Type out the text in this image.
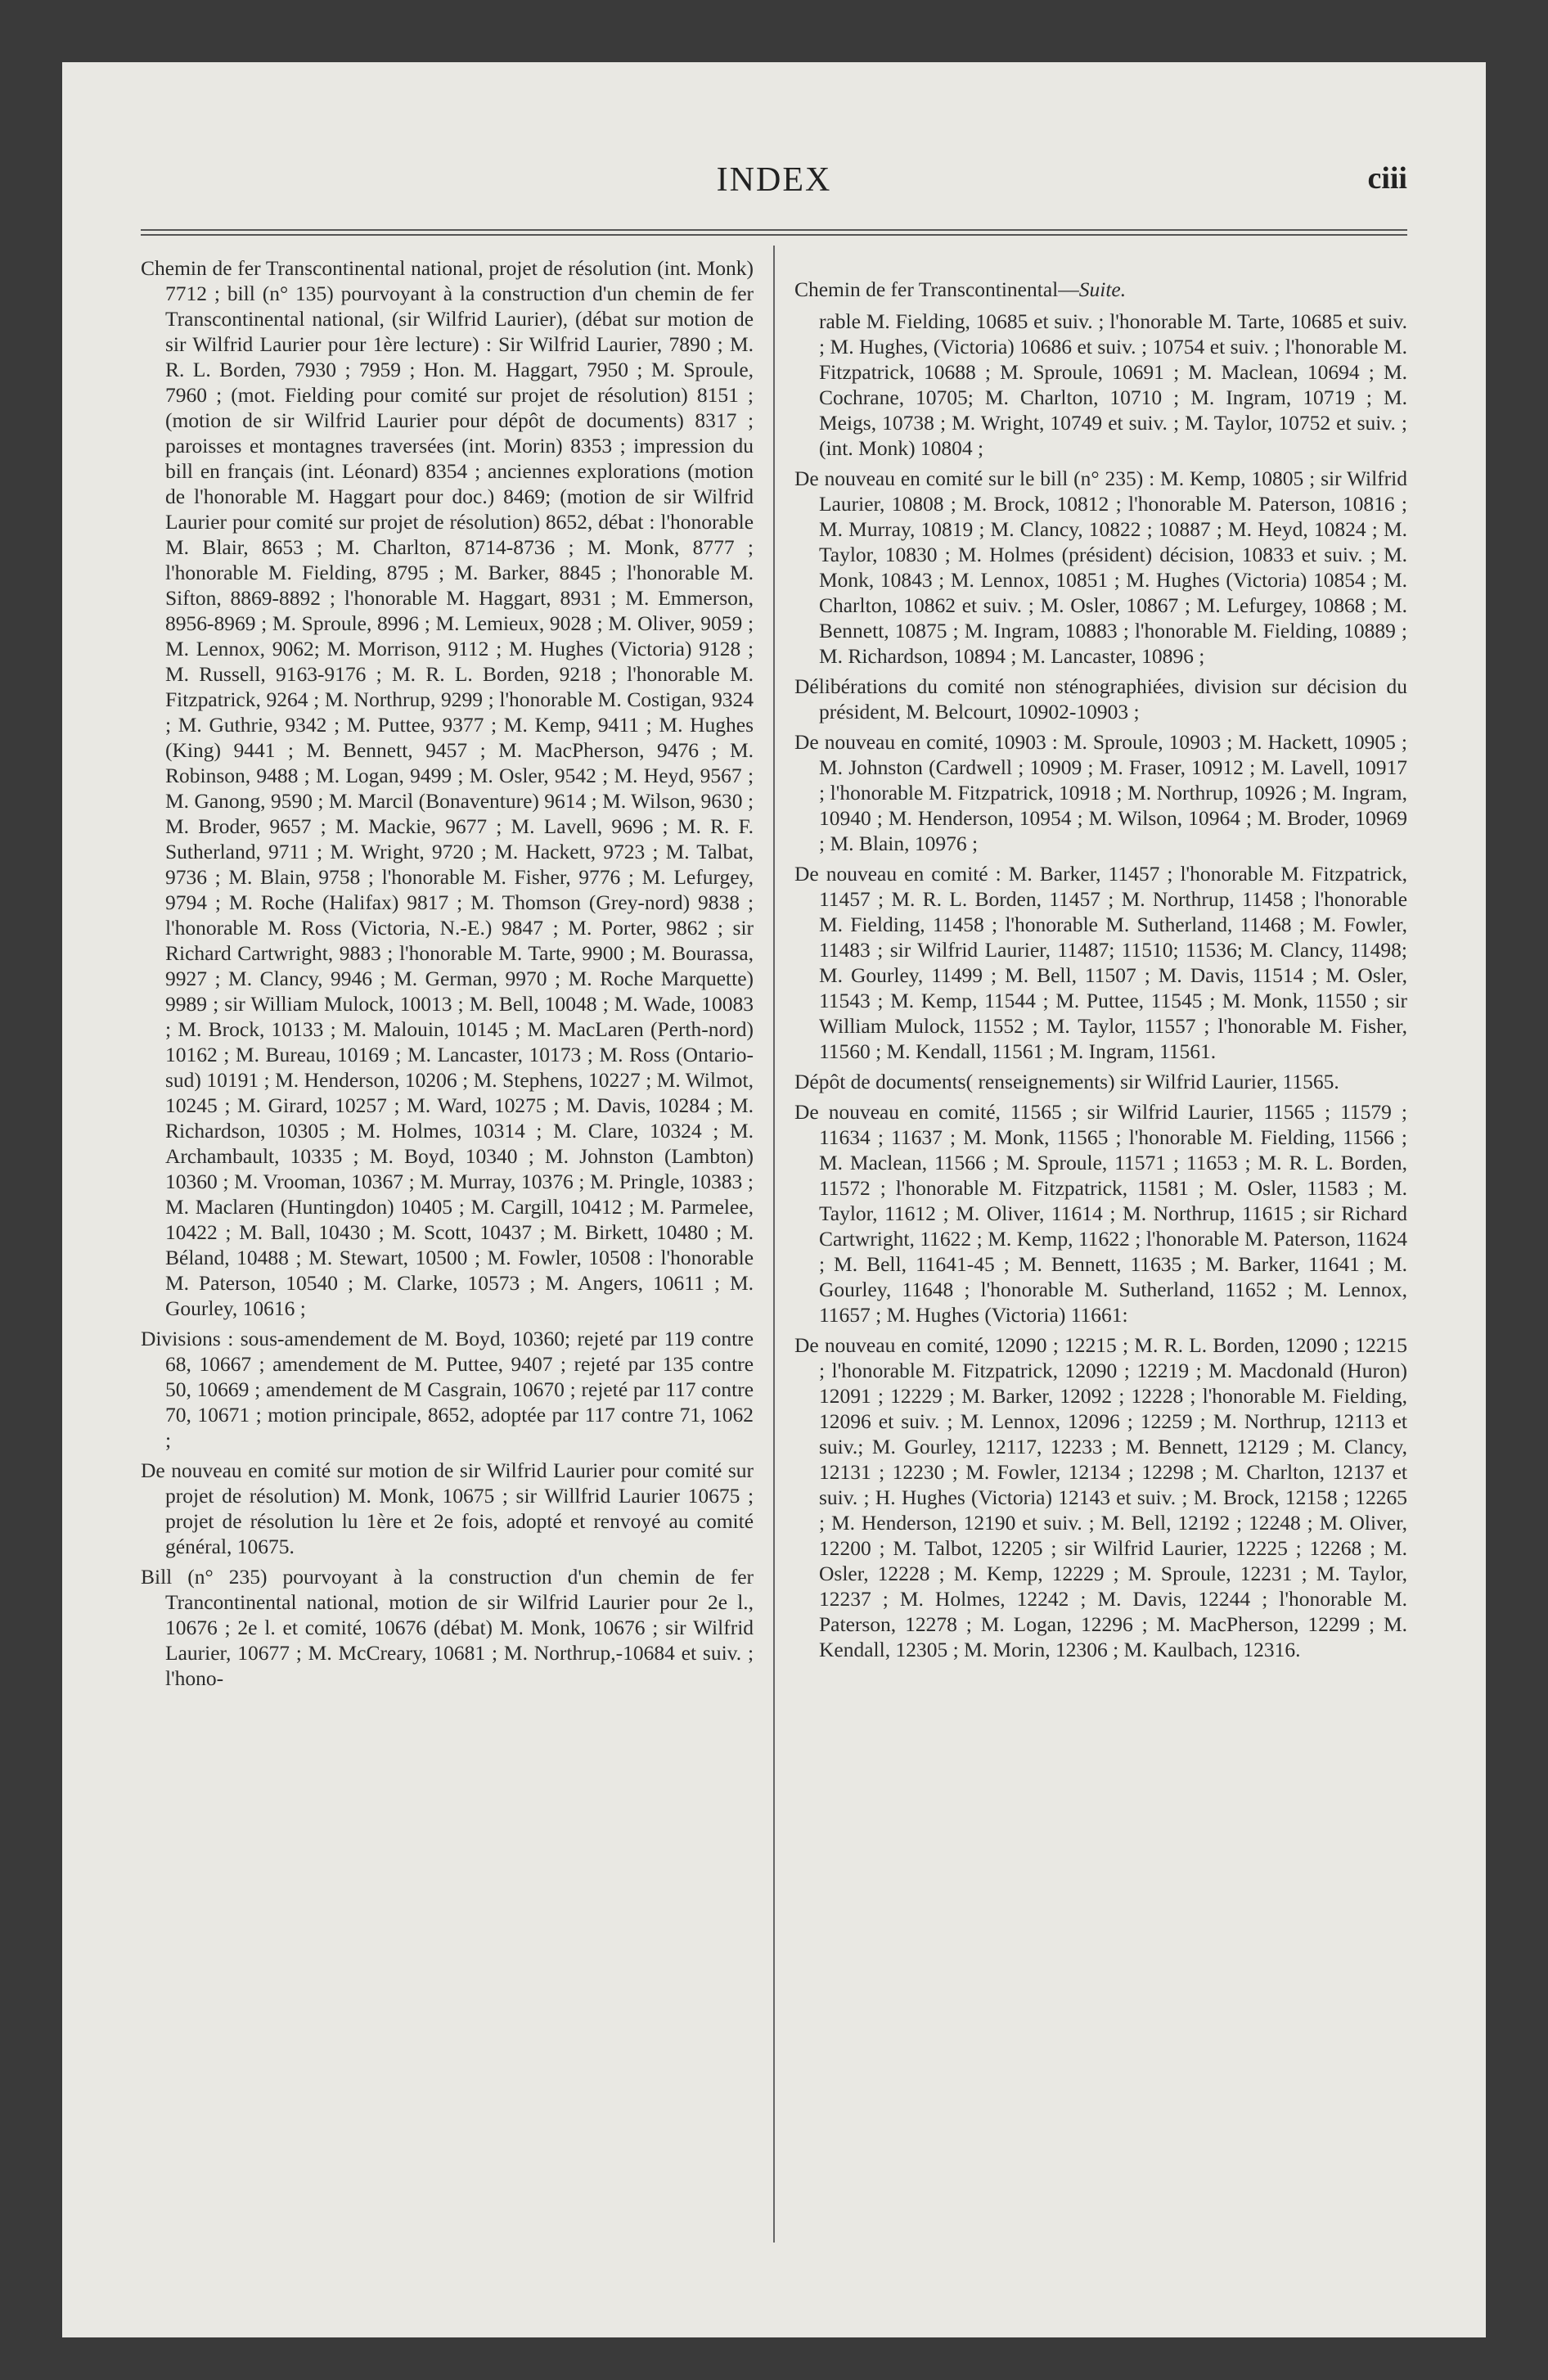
INDEX	ciii

Chemin de fer Transcontinental national, projet de résolution (int. Monk) 7712 ; bill (n° 135) pourvoyant à la construction d'un chemin de fer Transcontinental national, (sir Wilfrid Laurier), (débat sur motion de sir Wilfrid Laurier pour 1ère lecture) : Sir Wilfrid Laurier, 7890 ; M. R. L. Borden, 7930 ; 7959 ; Hon. M. Haggart, 7950 ; M. Sproule, 7960 ; (mot. Fielding pour comité sur projet de résolution) 8151 ; (motion de sir Wilfrid Laurier pour dépôt de documents) 8317 ; paroisses et montagnes traversées (int. Morin) 8353 ; impression du bill en français (int. Léonard) 8354 ; anciennes explorations (motion de l'honorable M. Haggart pour doc.) 8469; (motion de sir Wilfrid Laurier pour comité sur projet de résolution) 8652, débat : l'honorable M. Blair, 8653 ; M. Charlton, 8714-8736 ; M. Monk, 8777 ; l'honorable M. Fielding, 8795 ; M. Barker, 8845 ; l'honorable M. Sifton, 8869-8892 ; l'honorable M. Haggart, 8931 ; M. Emmerson, 8956-8969 ; M. Sproule, 8996 ; M. Lemieux, 9028 ; M. Oliver, 9059 ; M. Lennox, 9062; M. Morrison, 9112 ; M. Hughes (Victoria) 9128 ; M. Russell, 9163-9176 ; M. R. L. Borden, 9218 ; l'honorable M. Fitzpatrick, 9264 ; M. Northrup, 9299 ; l'honorable M. Costigan, 9324 ; M. Guthrie, 9342 ; M. Puttee, 9377 ; M. Kemp, 9411 ; M. Hughes (King) 9441 ; M. Bennett, 9457 ; M. MacPherson, 9476 ; M. Robinson, 9488 ; M. Logan, 9499 ; M. Osler, 9542 ; M. Heyd, 9567 ; M. Ganong, 9590 ; M. Marcil (Bonaventure) 9614 ; M. Wilson, 9630 ; M. Broder, 9657 ; M. Mackie, 9677 ; M. Lavell, 9696 ; M. R. F. Sutherland, 9711 ; M. Wright, 9720 ; M. Hackett, 9723 ; M. Talbat, 9736 ; M. Blain, 9758 ; l'honorable M. Fisher, 9776 ; M. Lefurgey, 9794 ; M. Roche (Halifax) 9817 ; M. Thomson (Grey-nord) 9838 ; l'honorable M. Ross (Victoria, N.-E.) 9847 ; M. Porter, 9862 ; sir Richard Cartwright, 9883 ; l'honorable M. Tarte, 9900 ; M. Bourassa, 9927 ; M. Clancy, 9946 ; M. German, 9970 ; M. Roche Marquette) 9989 ; sir William Mulock, 10013 ; M. Bell, 10048 ; M. Wade, 10083 ; M. Brock, 10133 ; M. Malouin, 10145 ; M. MacLaren (Perth-nord) 10162 ; M. Bureau, 10169 ; M. Lancaster, 10173 ; M. Ross (Ontario-sud) 10191 ; M. Henderson, 10206 ; M. Stephens, 10227 ; M. Wilmot, 10245 ; M. Girard, 10257 ; M. Ward, 10275 ; M. Davis, 10284 ; M. Richardson, 10305 ; M. Holmes, 10314 ; M. Clare, 10324 ; M. Archambault, 10335 ; M. Boyd, 10340 ; M. Johnston (Lambton) 10360 ; M. Vrooman, 10367 ; M. Murray, 10376 ; M. Pringle, 10383 ; M. Maclaren (Huntingdon) 10405 ; M. Cargill, 10412 ; M. Parmelee, 10422 ; M. Ball, 10430 ; M. Scott, 10437 ; M. Birkett, 10480 ; M. Béland, 10488 ; M. Stewart, 10500 ; M. Fowler, 10508 : l'honorable M. Paterson, 10540 ; M. Clarke, 10573 ; M. Angers, 10611 ; M. Gourley, 10616 ;

Divisions : sous-amendement de M. Boyd, 10360; rejeté par 119 contre 68, 10667 ; amendement de M. Puttee, 9407 ; rejeté par 135 contre 50, 10669 ; amendement de M Casgrain, 10670 ; rejeté par 117 contre 70, 10671 ; motion principale, 8652, adoptée par 117 contre 71, 1062 ;

De nouveau en comité sur motion de sir Wilfrid Laurier pour comité sur projet de résolution) M. Monk, 10675 ; sir Willfrid Laurier 10675 ; projet de résolution lu 1ère et 2e fois, adopté et renvoyé au comité général, 10675.

Bill (n° 235) pourvoyant à la construction d'un chemin de fer Trancontinental national, motion de sir Wilfrid Laurier pour 2e l., 10676 ; 2e l. et comité, 10676 (débat) M. Monk, 10676 ; sir Wilfrid Laurier, 10677 ; M. McCreary, 10681 ; M. Northrup,-10684 et suiv. ; l'hono-

Chemin de fer Transcontinental—Suite.

rable M. Fielding, 10685 et suiv. ; l'honorable M. Tarte, 10685 et suiv. ; M. Hughes, (Victoria) 10686 et suiv. ; 10754 et suiv. ; l'honorable M. Fitzpatrick, 10688 ; M. Sproule, 10691 ; M. Maclean, 10694 ; M. Cochrane, 10705; M. Charlton, 10710 ; M. Ingram, 10719 ; M. Meigs, 10738 ; M. Wright, 10749 et suiv. ; M. Taylor, 10752 et suiv. ; (int. Monk) 10804 ;

De nouveau en comité sur le bill (n° 235) : M. Kemp, 10805 ; sir Wilfrid Laurier, 10808 ; M. Brock, 10812 ; l'honorable M. Paterson, 10816 ; M. Murray, 10819 ; M. Clancy, 10822 ; 10887 ; M. Heyd, 10824 ; M. Taylor, 10830 ; M. Holmes (président) décision, 10833 et suiv. ; M. Monk, 10843 ; M. Lennox, 10851 ; M. Hughes (Victoria) 10854 ; M. Charlton, 10862 et suiv. ; M. Osler, 10867 ; M. Lefurgey, 10868 ; M. Bennett, 10875 ; M. Ingram, 10883 ; l'honorable M. Fielding, 10889 ; M. Richardson, 10894 ; M. Lancaster, 10896 ;

Délibérations du comité non sténographiées, division sur décision du président, M. Belcourt, 10902-10903 ;

De nouveau en comité, 10903 : M. Sproule, 10903 ; M. Hackett, 10905 ; M. Johnston (Cardwell ; 10909 ; M. Fraser, 10912 ; M. Lavell, 10917 ; l'honorable M. Fitzpatrick, 10918 ; M. Northrup, 10926 ; M. Ingram, 10940 ; M. Henderson, 10954 ; M. Wilson, 10964 ; M. Broder, 10969 ; M. Blain, 10976 ;

De nouveau en comité : M. Barker, 11457 ; l'honorable M. Fitzpatrick, 11457 ; M. R. L. Borden, 11457 ; M. Northrup, 11458 ; l'honorable M. Fielding, 11458 ; l'honorable M. Sutherland, 11468 ; M. Fowler, 11483 ; sir Wilfrid Laurier, 11487; 11510; 11536; M. Clancy, 11498; M. Gourley, 11499 ; M. Bell, 11507 ; M. Davis, 11514 ; M. Osler, 11543 ; M. Kemp, 11544 ; M. Puttee, 11545 ; M. Monk, 11550 ; sir William Mulock, 11552 ; M. Taylor, 11557 ; l'honorable M. Fisher, 11560 ; M. Kendall, 11561 ; M. Ingram, 11561.

Dépôt de documents( renseignements) sir Wilfrid Laurier, 11565.

De nouveau en comité, 11565 ; sir Wilfrid Laurier, 11565 ; 11579 ; 11634 ; 11637 ; M. Monk, 11565 ; l'honorable M. Fielding, 11566 ; M. Maclean, 11566 ; M. Sproule, 11571 ; 11653 ; M. R. L. Borden, 11572 ; l'honorable M. Fitzpatrick, 11581 ; M. Osler, 11583 ; M. Taylor, 11612 ; M. Oliver, 11614 ; M. Northrup, 11615 ; sir Richard Cartwright, 11622 ; M. Kemp, 11622 ; l'honorable M. Paterson, 11624 ; M. Bell, 11641-45 ; M. Bennett, 11635 ; M. Barker, 11641 ; M. Gourley, 11648 ; l'honorable M. Sutherland, 11652 ; M. Lennox, 11657 ; M. Hughes (Victoria) 11661:

De nouveau en comité, 12090 ; 12215 ; M. R. L. Borden, 12090 ; 12215 ; l'honorable M. Fitzpatrick, 12090 ; 12219 ; M. Macdonald (Huron) 12091 ; 12229 ; M. Barker, 12092 ; 12228 ; l'honorable M. Fielding, 12096 et suiv. ; M. Lennox, 12096 ; 12259 ; M. Northrup, 12113 et suiv.; M. Gourley, 12117, 12233 ; M. Bennett, 12129 ; M. Clancy, 12131 ; 12230 ; M. Fowler, 12134 ; 12298 ; M. Charlton, 12137 et suiv. ; H. Hughes (Victoria) 12143 et suiv. ; M. Brock, 12158 ; 12265 ; M. Henderson, 12190 et suiv. ; M. Bell, 12192 ; 12248 ; M. Oliver, 12200 ; M. Talbot, 12205 ; sir Wilfrid Laurier, 12225 ; 12268 ; M. Osler, 12228 ; M. Kemp, 12229 ; M. Sproule, 12231 ; M. Taylor, 12237 ; M. Holmes, 12242 ; M. Davis, 12244 ; l'honorable M. Paterson, 12278 ; M. Logan, 12296 ; M. MacPherson, 12299 ; M. Kendall, 12305 ; M. Morin, 12306 ; M. Kaulbach, 12316.
